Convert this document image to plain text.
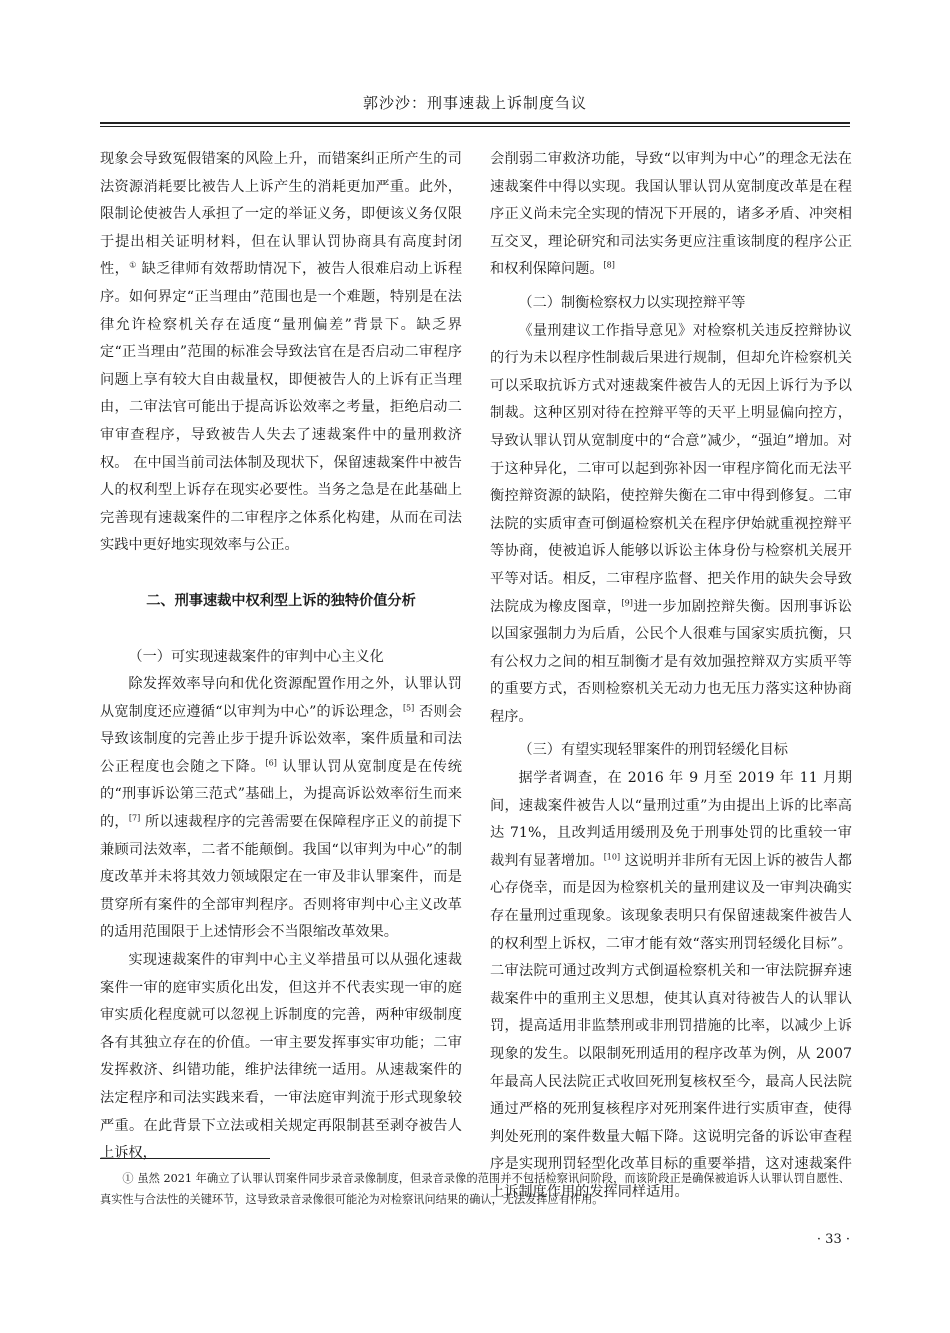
郭沙沙：刑事速裁上诉制度刍议

现象会导致冤假错案的风险上升，而错案纠正所产生的司法资源消耗要比被告人上诉产生的消耗更加严重。此外，限制论使被告人承担了一定的举证义务，即便该义务仅限于提出相关证明材料，但在认罪认罚协商具有高度封闭性，① 缺乏律师有效帮助情况下，被告人很难启动上诉程序。如何界定“正当理由”范围也是一个难题，特别是在法律允许检察机关存在适度“量刑偏差”背景下。缺乏界定“正当理由”范围的标准会导致法官在是否启动二审程序问题上享有较大自由裁量权，即便被告人的上诉有正当理由，二审法官可能出于提高诉讼效率之考量，拒绝启动二审审查程序，导致被告人失去了速裁案件中的量刑救济权。 在中国当前司法体制及现状下，保留速裁案件中被告人的权利型上诉存在现实必要性。当务之急是在此基础上完善现有速裁案件的二审程序之体系化构建，从而在司法实践中更好地实现效率与公正。

二、刑事速裁中权利型上诉的独特价值分析

（一）可实现速裁案件的审判中心主义化

除发挥效率导向和优化资源配置作用之外，认罪认罚从宽制度还应遵循“以审判为中心”的诉讼理念，[5] 否则会导致该制度的完善止步于提升诉讼效率，案件质量和司法公正程度也会随之下降。[6] 认罪认罚从宽制度是在传统的“刑事诉讼第三范式”基础上，为提高诉讼效率衍生而来的，[7] 所以速裁程序的完善需要在保障程序正义的前提下兼顾司法效率，二者不能颠倒。我国“以审判为中心”的制度改革并未将其效力领域限定在一审及非认罪案件，而是贯穿所有案件的全部审判程序。否则将审判中心主义改革的适用范围限于上述情形会不当限缩改革效果。

实现速裁案件的审判中心主义举措虽可以从强化速裁案件一审的庭审实质化出发，但这并不代表实现一审的庭审实质化程度就可以忽视上诉制度的完善，两种审级制度各有其独立存在的价值。一审主要发挥事实审功能；二审发挥救济、纠错功能，维护法律统一适用。从速裁案件的法定程序和司法实践来看，一审法庭审判流于形式现象较严重。在此背景下立法或相关规定再限制甚至剥夺被告人上诉权，

会削弱二审救济功能，导致“以审判为中心”的理念无法在速裁案件中得以实现。我国认罪认罚从宽制度改革是在程序正义尚未完全实现的情况下开展的，诸多矛盾、冲突相互交叉，理论研究和司法实务更应注重该制度的程序公正和权利保障问题。[8]

（二）制衡检察权力以实现控辩平等

《量刑建议工作指导意见》对检察机关违反控辩协议的行为未以程序性制裁后果进行规制，但却允许检察机关可以采取抗诉方式对速裁案件被告人的无因上诉行为予以制裁。这种区别对待在控辩平等的天平上明显偏向控方，导致认罪认罚从宽制度中的“合意”减少，“强迫”增加。对于这种异化，二审可以起到弥补因一审程序简化而无法平衡控辩资源的缺陷，使控辩失衡在二审中得到修复。二审法院的实质审查可倒逼检察机关在程序伊始就重视控辩平等协商，使被追诉人能够以诉讼主体身份与检察机关展开平等对话。相反，二审程序监督、把关作用的缺失会导致法院成为橡皮图章，[9]进一步加剧控辩失衡。因刑事诉讼以国家强制力为后盾，公民个人很难与国家实质抗衡，只有公权力之间的相互制衡才是有效加强控辩双方实质平等的重要方式，否则检察机关无动力也无压力落实这种协商程序。

（三）有望实现轻罪案件的刑罚轻缓化目标

据学者调查，在 2016 年 9 月至 2019 年 11 月期间，速裁案件被告人以“量刑过重”为由提出上诉的比率高达 71%，且改判适用缓刑及免于刑事处罚的比重较一审裁判有显著增加。[10] 这说明并非所有无因上诉的被告人都心存侥幸，而是因为检察机关的量刑建议及一审判决确实存在量刑过重现象。该现象表明只有保留速裁案件被告人的权利型上诉权，二审才能有效“落实刑罚轻缓化目标”。二审法院可通过改判方式倒逼检察机关和一审法院摒弃速裁案件中的重刑主义思想，使其认真对待被告人的认罪认罚，提高适用非监禁刑或非刑罚措施的比率，以减少上诉现象的发生。以限制死刑适用的程序改革为例，从 2007 年最高人民法院正式收回死刑复核权至今，最高人民法院通过严格的死刑复核程序对死刑案件进行实质审查，使得判处死刑的案件数量大幅下降。这说明完备的诉讼审查程序是实现刑罚轻型化改革目标的重要举措，这对速裁案件上诉制度作用的发挥同样适用。

① 虽然 2021 年确立了认罪认罚案件同步录音录像制度，但录音录像的范围并不包括检察讯问阶段，而该阶段正是确保被追诉人认罪认罚自愿性、真实性与合法性的关键环节，这导致录音录像很可能沦为对检察讯问结果的确认，无法发挥应有作用。
· 33 ·
